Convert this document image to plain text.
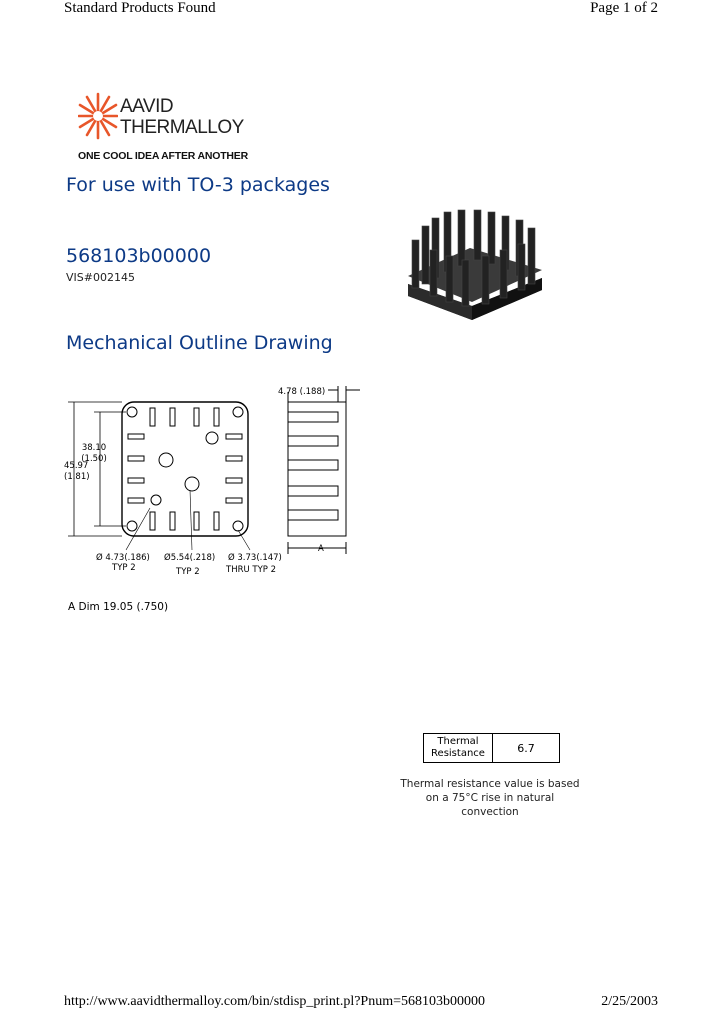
Standard Products Found	Page 1 of 2
AAVID
THERMALLOY
ONE COOL IDEA AFTER ANOTHER
For use with TO-3 packages
568103b00000
VIS#002145
Mechanical Outline Drawing
38.10
(1.50)
45.97
(1.81)
Ø 4.73(.186)
TYP 2
Ø5.54(.218)
TYP 2
Ø 3.73(.147)
THRU TYP 2
4.78 (.188)
A
A Dim 19.05 (.750)
Thermal
Resistance	6.7
Thermal resistance value is based on a 75°C rise in natural convection
http://www.aavidthermalloy.com/bin/stdisp_print.pl?Pnum=568103b00000	2/25/2003
